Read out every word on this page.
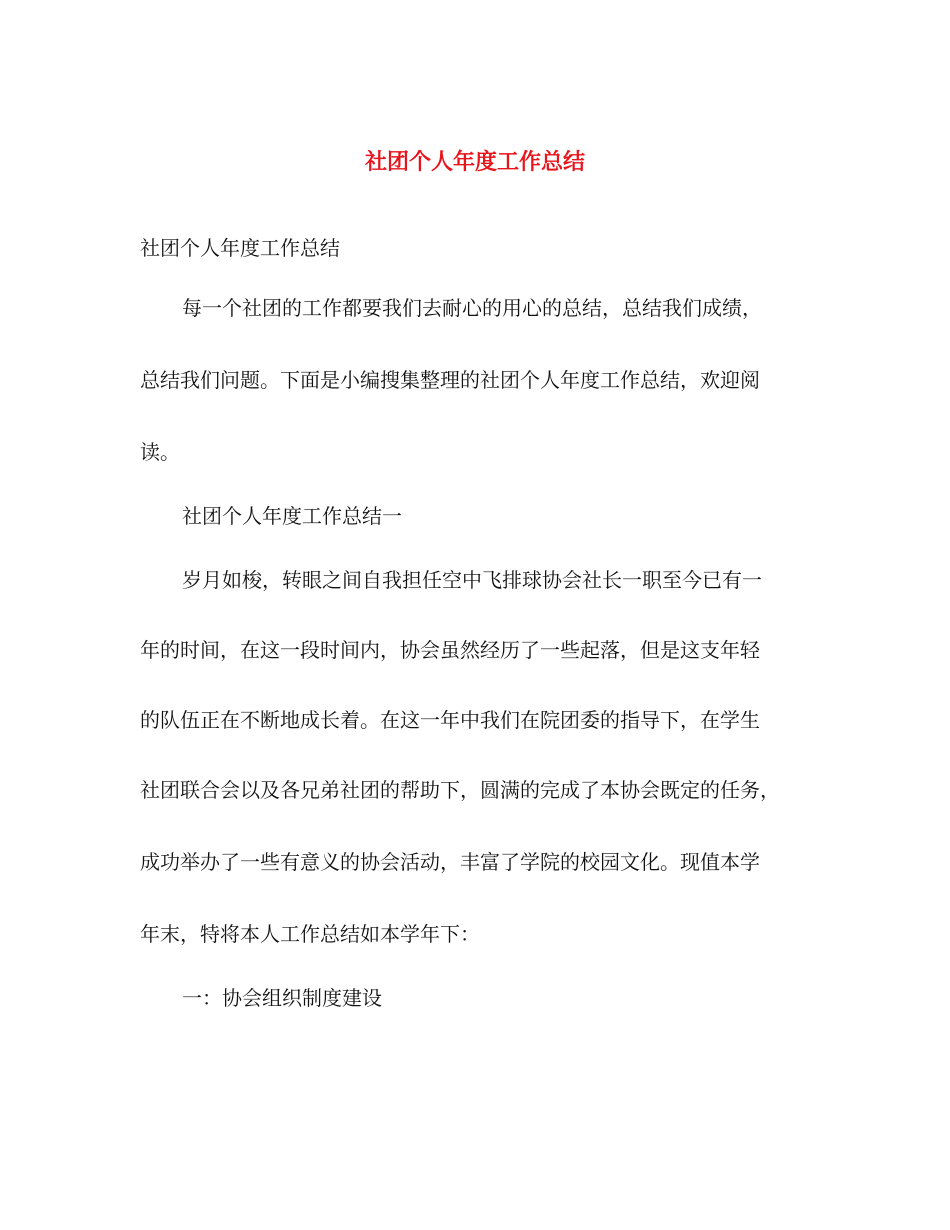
社团个人年度工作总结
社团个人年度工作总结
每一个社团的工作都要我们去耐心的用心的总结，总结我们成绩，
总结我们问题。下面是小编搜集整理的社团个人年度工作总结，欢迎阅
读。
社团个人年度工作总结一
岁月如梭，转眼之间自我担任空中飞排球协会社长一职至今已有一
年的时间，在这一段时间内，协会虽然经历了一些起落，但是这支年轻
的队伍正在不断地成长着。在这一年中我们在院团委的指导下，在学生
社团联合会以及各兄弟社团的帮助下，圆满的完成了本协会既定的任务，
成功举办了一些有意义的协会活动，丰富了学院的校园文化。现值本学
年末，特将本人工作总结如本学年下：
一：协会组织制度建设
